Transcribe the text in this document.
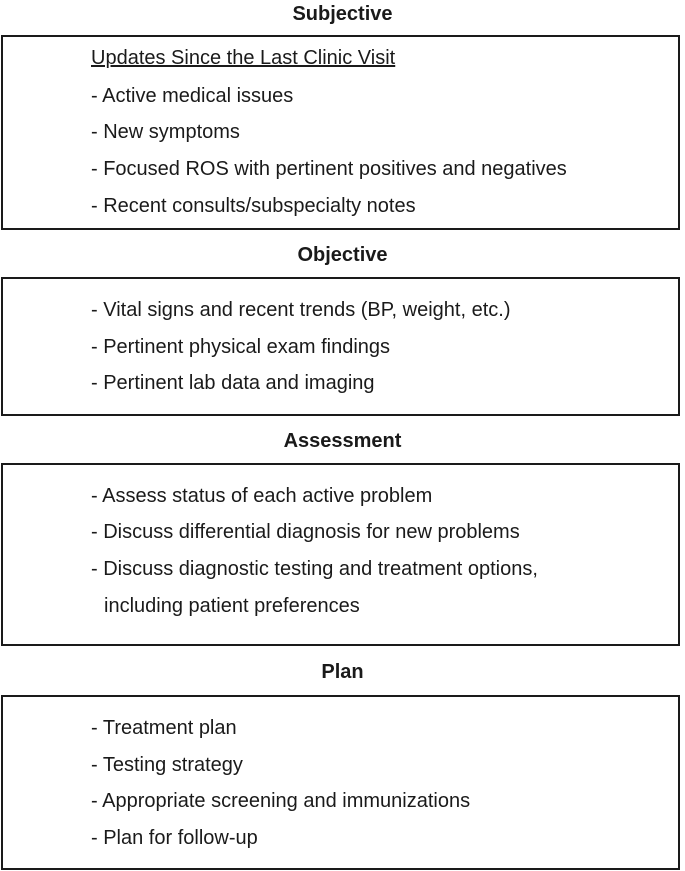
Subjective
Updates Since the Last Clinic Visit
- Active medical issues
- New symptoms
- Focused ROS with pertinent positives and negatives
- Recent consults/subspecialty notes
Objective
- Vital signs and recent trends (BP, weight, etc.)
- Pertinent physical exam findings
- Pertinent lab data and imaging
Assessment
- Assess status of each active problem
- Discuss differential diagnosis for new problems
- Discuss diagnostic testing and treatment options,
including patient preferences
Plan
- Treatment plan
- Testing strategy
- Appropriate screening and immunizations
- Plan for follow-up
